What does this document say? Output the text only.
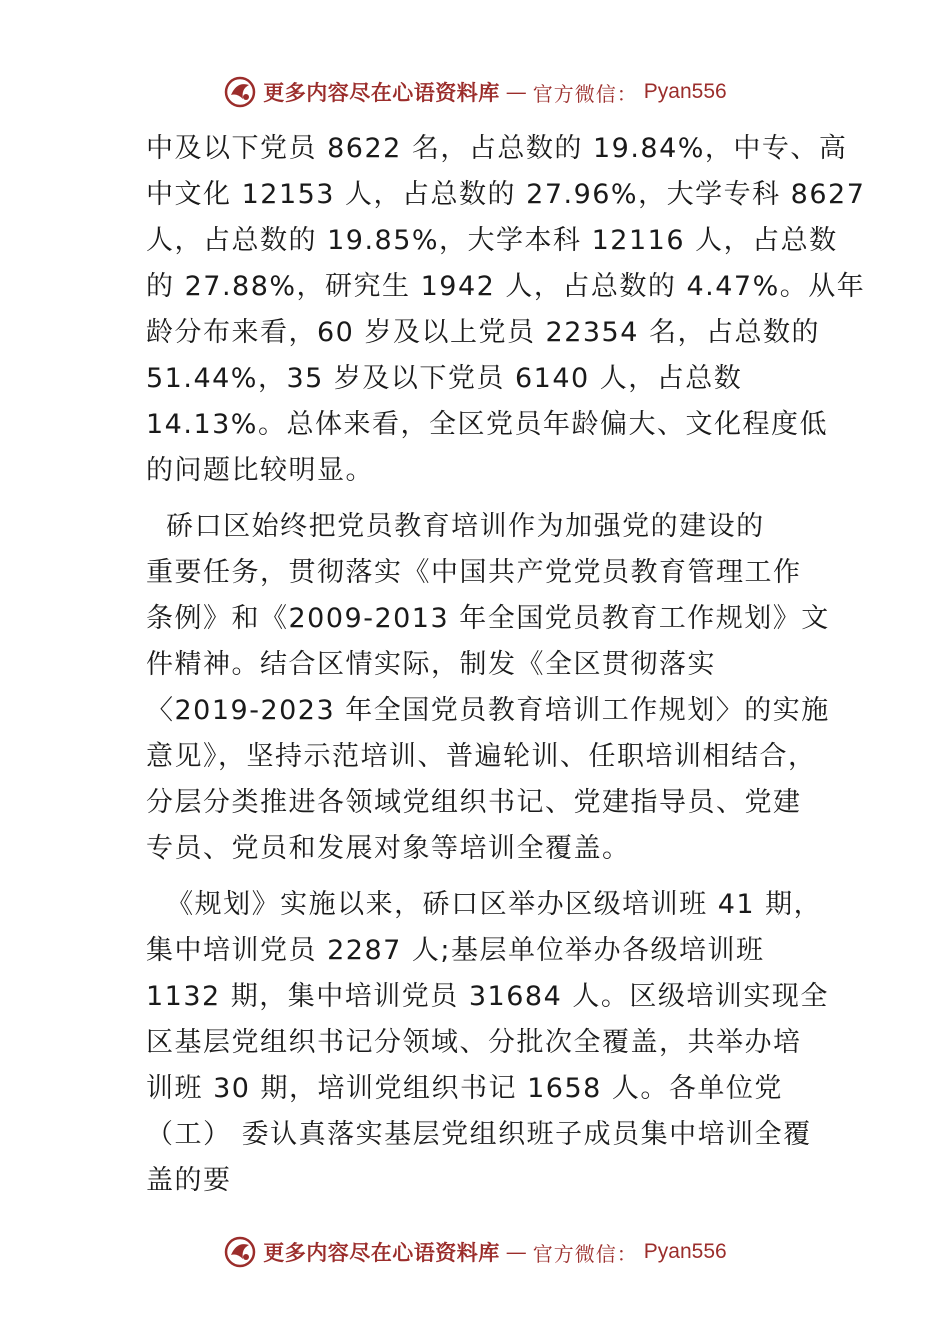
更多内容尽在心语资料库 — 官方微信： Pyan556
中及以下党员 8622 名，占总数的 19.84%，中专、高
中文化 12153 人，占总数的 27.96%，大学专科 8627
人，占总数的 19.85%，大学本科 12116 人，占总数
的 27.88%，研究生 1942 人，占总数的 4.47%。从年
龄分布来看，60 岁及以上党员 22354 名，占总数的
51.44%，35 岁及以下党员 6140 人，占总数
14.13%。总体来看，全区党员年龄偏大、文化程度低
的问题比较明显。
硚口区始终把党员教育培训作为加强党的建设的
重要任务，贯彻落实《中国共产党党员教育管理工作
条例》和《2009-2013 年全国党员教育工作规划》文
件精神。结合区情实际，制发《全区贯彻落实
〈2019-2023 年全国党员教育培训工作规划〉的实施
意见》，坚持示范培训、普遍轮训、任职培训相结合，
分层分类推进各领域党组织书记、党建指导员、党建
专员、党员和发展对象等培训全覆盖。
《规划》实施以来，硚口区举办区级培训班 41 期，
集中培训党员 2287 人;基层单位举办各级培训班
1132 期，集中培训党员 31684 人。区级培训实现全
区基层党组织书记分领域、分批次全覆盖，共举办培
训班 30 期，培训党组织书记 1658 人。各单位党
（工） 委认真落实基层党组织班子成员集中培训全覆
盖的要
更多内容尽在心语资料库 — 官方微信： Pyan556
